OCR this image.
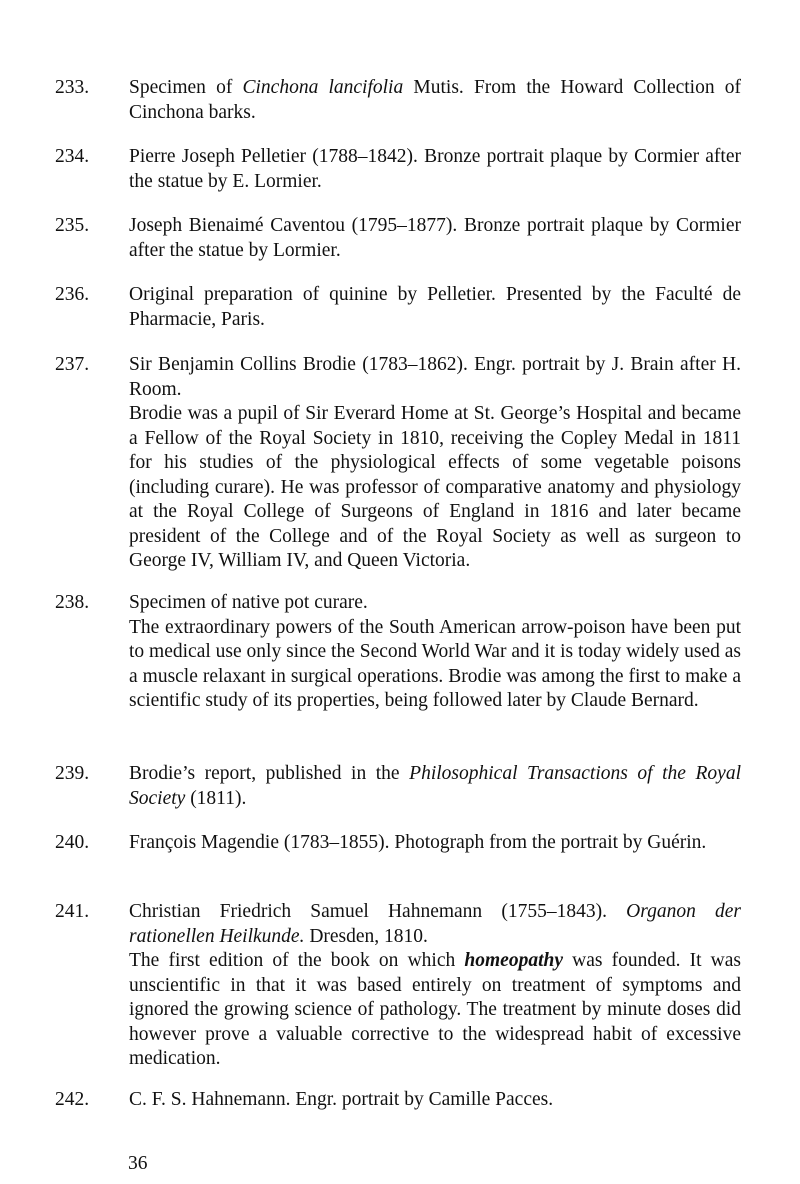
233.	Specimen of Cinchona lancifolia Mutis. From the Howard Collection of Cinchona barks.

234.	Pierre Joseph Pelletier (1788–1842). Bronze portrait plaque by Cormier after the statue by E. Lormier.

235.	Joseph Bienaimé Caventou (1795–1877). Bronze portrait plaque by Cormier after the statue by Lormier.

236.	Original preparation of quinine by Pelletier. Presented by the Faculté de Pharmacie, Paris.

237.	Sir Benjamin Collins Brodie (1783–1862). Engr. portrait by J. Brain after H. Room.

Brodie was a pupil of Sir Everard Home at St. George’s Hospital and became a Fellow of the Royal Society in 1810, receiving the Copley Medal in 1811 for his studies of the physiological effects of some vegetable poisons (including curare). He was professor of comparative anatomy and physiology at the Royal College of Surgeons of England in 1816 and later became president of the College and of the Royal Society as well as surgeon to George IV, William IV, and Queen Victoria.

238.	Specimen of native pot curare.

The extraordinary powers of the South American arrow-poison have been put to medical use only since the Second World War and it is today widely used as a muscle relaxant in surgical operations. Brodie was among the first to make a scientific study of its properties, being followed later by Claude Bernard.

239.	Brodie’s report, published in the Philosophical Transactions of the Royal Society (1811).

240.	François Magendie (1783–1855). Photograph from the portrait by Guérin.

241.	Christian Friedrich Samuel Hahnemann (1755–1843). Organon der rationellen Heilkunde. Dresden, 1810.

The first edition of the book on which homeopathy was founded. It was unscientific in that it was based entirely on treatment of symptoms and ignored the growing science of pathology. The treatment by minute doses did however prove a valuable corrective to the widespread habit of excessive medication.

242.	C. F. S. Hahnemann. Engr. portrait by Camille Pacces.

36
